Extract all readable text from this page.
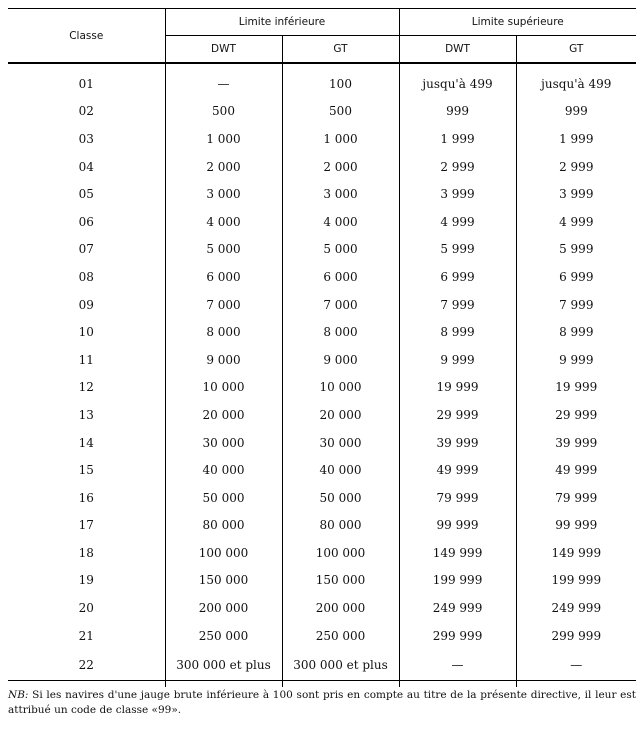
Classe	Limite inférieure		Limite supérieure	
	DWT	GT	DWT	GT
01	—	100	jusqu'à 499	jusqu'à 499
02	500	500	999	999
03	1 000	1 000	1 999	1 999
04	2 000	2 000	2 999	2 999
05	3 000	3 000	3 999	3 999
06	4 000	4 000	4 999	4 999
07	5 000	5 000	5 999	5 999
08	6 000	6 000	6 999	6 999
09	7 000	7 000	7 999	7 999
10	8 000	8 000	8 999	8 999
11	9 000	9 000	9 999	9 999
12	10 000	10 000	19 999	19 999
13	20 000	20 000	29 999	29 999
14	30 000	30 000	39 999	39 999
15	40 000	40 000	49 999	49 999
16	50 000	50 000	79 999	79 999
17	80 000	80 000	99 999	99 999
18	100 000	100 000	149 999	149 999
19	150 000	150 000	199 999	199 999
20	200 000	200 000	249 999	249 999
21	250 000	250 000	299 999	299 999
22	300 000 et plus	300 000 et plus	—	—
NB: Si les navires d'une jauge brute inférieure à 100 sont pris en compte au titre de la présente directive, il leur est attribué un code de classe «99».
